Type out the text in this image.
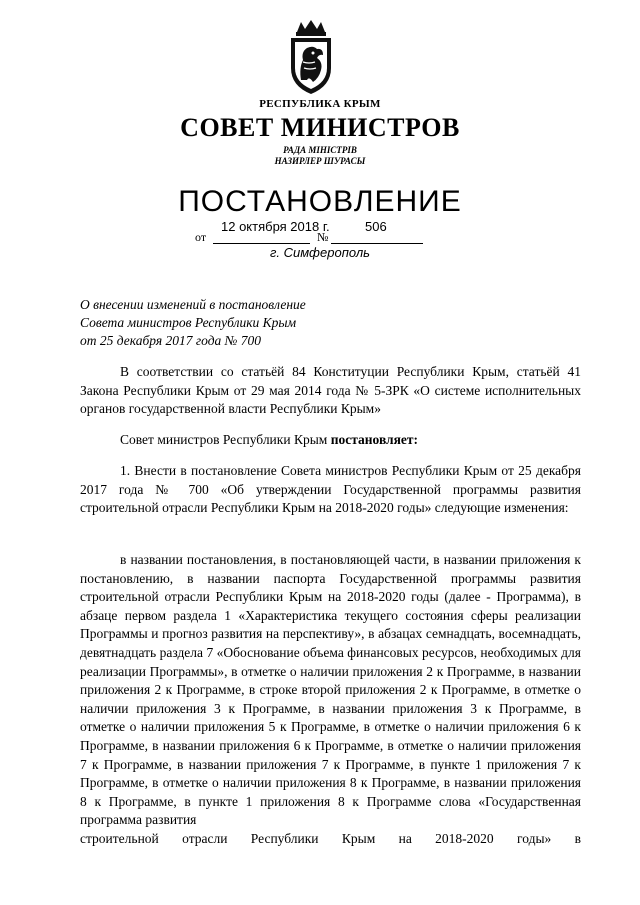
РЕСПУБЛИКА КРЫМ
СОВЕТ МИНИСТРОВ
РАДА МІНІСТРІВ
НАЗИРЛЕР ШУРАСЫ
ПОСТАНОВЛЕНИЕ
от
12 октября 2018 г.
№
506
г. Симферополь
О внесении изменений в постановление
Совета министров Республики Крым
от 25 декабря 2017 года № 700
В соответствии со статьёй 84 Конституции Республики Крым, статьёй 41 Закона Республики Крым от 29 мая 2014 года № 5-ЗРК «О системе исполнительных органов государственной власти Республики Крым»
Совет министров Республики Крым постановляет:
1. Внести в постановление Совета министров Республики Крым от 25 декабря 2017 года № 700 «Об утверждении Государственной программы развития строительной отрасли Республики Крым на 2018-2020 годы» следующие изменения:
в названии постановления, в постановляющей части, в названии приложения к постановлению, в названии паспорта Государственной программы развития строительной отрасли Республики Крым на 2018-2020 годы (далее - Программа), в абзаце первом раздела 1 «Характеристика текущего состояния сферы реализации Программы и прогноз развития на перспективу», в абзацах семнадцать, восемнадцать, девятнадцать раздела 7 «Обоснование объема финансовых ресурсов, необходимых для реализации Программы», в отметке о наличии приложения 2 к Программе, в названии приложения 2 к Программе, в строке второй приложения 2 к Программе, в отметке о наличии приложения 3 к Программе, в названии приложения 3 к Программе, в отметке о наличии приложения 5 к Программе, в отметке о наличии приложения 6 к Программе, в названии приложения 6 к Программе, в отметке о наличии приложения 7 к Программе, в названии приложения 7 к Программе, в пункте 1 приложения 7 к Программе, в отметке о наличии приложения 8 к Программе, в названии приложения 8 к Программе, в пункте 1 приложения 8 к Программе слова «Государственная программа развития
строительной отрасли Республики Крым на 2018-2020 годы» в
